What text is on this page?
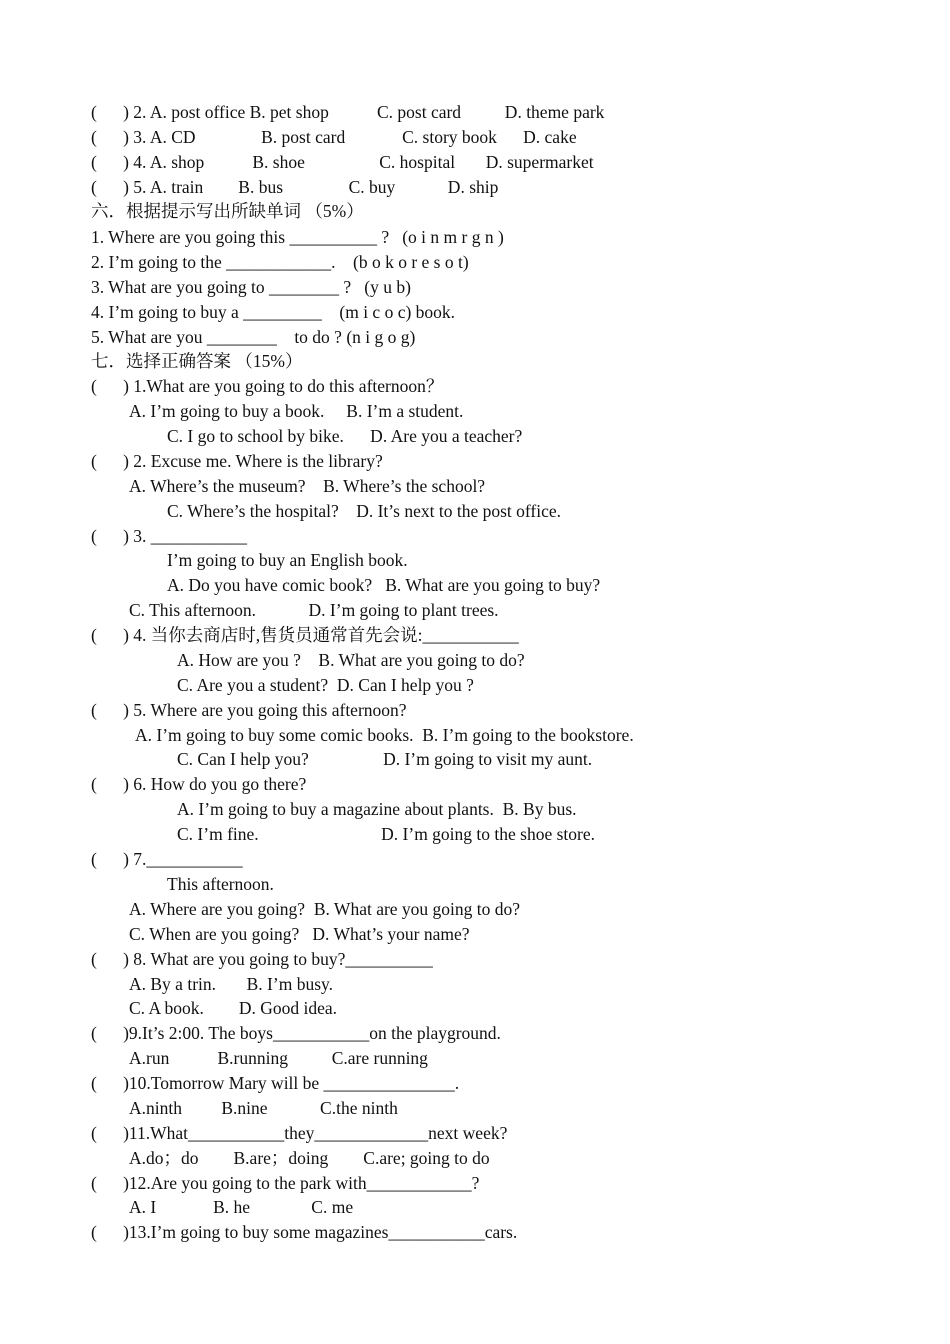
(      ) 2. A. post office B. pet shop           C. post card          D. theme park
(      ) 3. A. CD               B. post card             C. story book      D. cake
(      ) 4. A. shop           B. shoe                 C. hospital       D. supermarket
(      ) 5. A. train        B. bus               C. buy            D. ship
六．根据提示写出所缺单词 （5%）
1. Where are you going this __________ ?   (o i n m r g n )
2. I’m going to the ____________.    (b o k o r e s o t)
3. What are you going to ________ ?   (y u b)
4. I’m going to buy a _________    (m i c o c) book.
5. What are you ________    to do ? (n i g o g)
七．选择正确答案 （15%）
(      ) 1.What are you going to do this afternoon？
A. I’m going to buy a book.     B. I’m a student.
C. I go to school by bike.      D. Are you a teacher?
(      ) 2. Excuse me. Where is the library?
A. Where’s the museum?    B. Where’s the school?
C. Where’s the hospital?    D. It’s next to the post office.
(      ) 3. ___________
I’m going to buy an English book.
A. Do you have comic book?   B. What are you going to buy?
C. This afternoon.            D. I’m going to plant trees.
(      ) 4. 当你去商店时,售货员通常首先会说:___________
A. How are you ?    B. What are you going to do?
C. Are you a student?  D. Can I help you ?
(      ) 5. Where are you going this afternoon?
A. I’m going to buy some comic books.  B. I’m going to the bookstore.
C. Can I help you?                 D. I’m going to visit my aunt.
(      ) 6. How do you go there?
A. I’m going to buy a magazine about plants.  B. By bus.
C. I’m fine.                            D. I’m going to the shoe store.
(      ) 7.___________
This afternoon.
A. Where are you going?  B. What are you going to do?
C. When are you going?   D. What’s your name?
(      ) 8. What are you going to buy?__________
A. By a trin.       B. I’m busy.
C. A book.        D. Good idea.
(      )9.It’s 2:00. The boys___________on the playground.
A.run           B.running          C.are running
(      )10.Tomorrow Mary will be _______________.
A.ninth         B.nine            C.the ninth
(      )11.What___________they_____________next week?
A.do；do        B.are；doing        C.are; going to do
(      )12.Are you going to the park with____________?
A. I             B. he              C. me
(      )13.I’m going to buy some magazines___________cars.
